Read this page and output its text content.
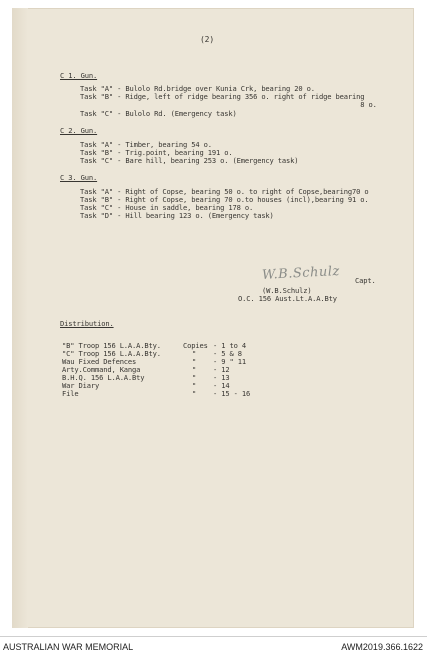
(2)
C 1. Gun.
Task "A" - Bulolo Rd.bridge over Kunia Crk, bearing 20 o.
Task "B" - Ridge, left of ridge bearing 356 o. right of ridge bearing
8 o.
Task "C" - Bulolo Rd. (Emergency task)
C 2. Gun.
Task "A" - Timber, bearing 54 o.
Task "B" - Trig.point, bearing 191 o.
Task "C" - Bare hill, bearing 253 o. (Emergency task)
C 3. Gun.
Task "A" - Right of Copse, bearing 50 o. to right of Copse,bearing70 o
Task "B" - Right of Copse, bearing 70 o.to houses (incl),bearing 91 o.
Task "C" - House in saddle, bearing 178 o.
Task "D" - Hill bearing 123 o. (Emergency task)
W.B.Schulz Capt.
(W.B.Schulz)
O.C. 156 Aust.Lt.A.A.Bty
Distribution.
"B" Troop 156 L.A.A.Bty.	Copies - 1 to 4
"C" Troop 156 L.A.A.Bty.	" - 5 & 8
Wau Fixed Defences	" - 9 " 11
Arty.Command, Kanga	" - 12
B.H.Q. 156 L.A.A.Bty	" - 13
War Diary	" - 14
File	" - 15 - 16
AUSTRALIAN WAR MEMORIAL	AWM2019.366.1622
